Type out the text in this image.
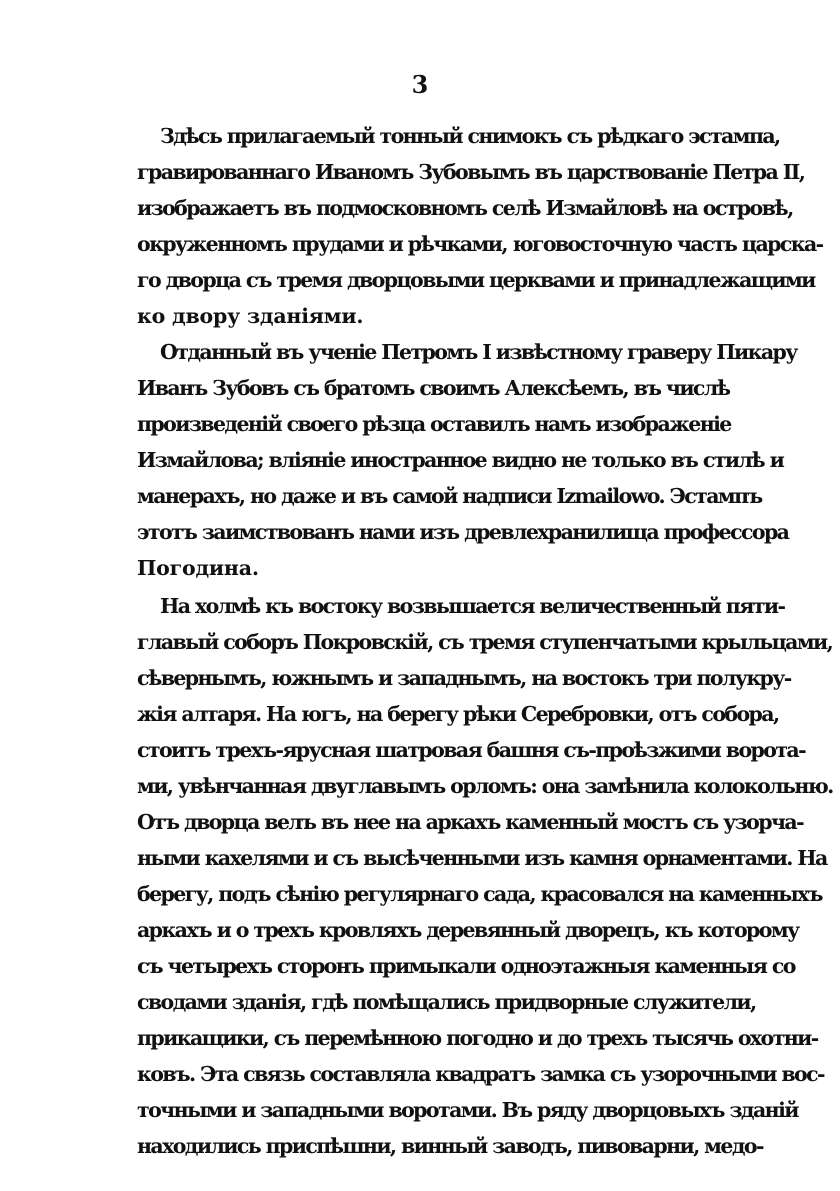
3
Здѣсь прилагаемый тонный снимокъ съ рѣдкаго эстампа,
гравированнаго Иваномъ Зубовымъ въ царствованіе Петра II,
изображаетъ въ подмосковномъ селѣ Измайловѣ на островѣ,
окруженномъ прудами и рѣчками, юговосточную часть царска-
го дворца съ тремя дворцовыми церквами и принадлежащими
ко двору зданіями.
Отданный въ ученіе Петромъ I извѣстному граверу Пикару
Иванъ Зубовъ съ братомъ своимъ Алексѣемъ, въ числѣ
произведеній своего рѣзца оставилъ намъ изображеніе
Измайлова; вліяніе иностранное видно не только въ стилѣ и
манерахъ, но даже и въ самой надписи Izmailowo. Эстампъ
этотъ заимствованъ нами изъ древлехранилища профессора
Погодина.
На холмѣ къ востоку возвышается величественный пяти-
главый соборъ Покровскій, съ тремя ступенчатыми крыльцами,
сѣвернымъ, южнымъ и западнымъ, на востокъ три полукру-
жія алтаря. На югъ, на берегу рѣки Серебровки, отъ собора,
стоитъ трехъ-ярусная шатровая башня съ-проѣзжими ворота-
ми, увѣнчанная двуглавымъ орломъ: она замѣнила колокольню.
Отъ дворца велъ въ нее на аркахъ каменный мостъ съ узорча-
ными кахелями и съ высѣченными изъ камня орнаментами. На
берегу, подъ сѣнію регулярнаго сада, красовался на каменныхъ
аркахъ и о трехъ кровляхъ деревянный дворецъ, къ которому
съ четырехъ сторонъ примыкали одноэтажныя каменныя со
сводами зданія, гдѣ помѣщались придворные служители,
прикащики, съ перемѣнною погодно и до трехъ тысячь охотни-
ковъ. Эта связь составляла квадратъ замка съ узорочными вос-
точными и западными воротами. Въ ряду дворцовыхъ зданій
находились приспѣшни, винный заводъ, пивоварни, медо-
